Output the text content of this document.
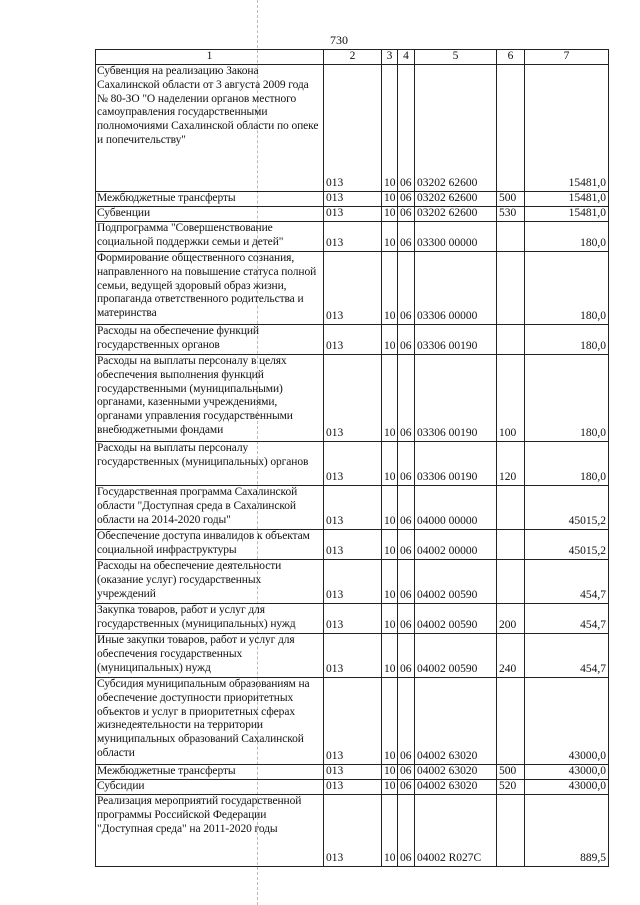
730
1	2	3	4	5	6	7
Субвенция на реализацию Закона Сахалинской области от 3 августа 2009 года № 80-ЗО "О наделении органов местного самоуправления государственными полномочиями Сахалинской области по опеке и попечительству"	013	10	06	03202 62600		15481,0
Межбюджетные трансферты	013	10	06	03202 62600	500	15481,0
Субвенции	013	10	06	03202 62600	530	15481,0
Подпрограмма "Совершенствование социальной поддержки семьи и детей"	013	10	06	03300 00000		180,0
Формирование общественного сознания, направленного на повышение статуса полной семьи, ведущей здоровый образ жизни, пропаганда ответственного родительства и материнства	013	10	06	03306 00000		180,0
Расходы на обеспечение функций государственных органов	013	10	06	03306 00190		180,0
Расходы на выплаты персоналу в целях обеспечения выполнения функций государственными (муниципальными) органами, казенными учреждениями, органами управления государственными внебюджетными фондами	013	10	06	03306 00190	100	180,0
Расходы на выплаты персоналу государственных (муниципальных) органов	013	10	06	03306 00190	120	180,0
Государственная программа Сахалинской области "Доступная среда в Сахалинской области на 2014-2020 годы"	013	10	06	04000 00000		45015,2
Обеспечение доступа инвалидов к объектам социальной инфраструктуры	013	10	06	04002 00000		45015,2
Расходы на обеспечение деятельности (оказание услуг) государственных учреждений	013	10	06	04002 00590		454,7
Закупка товаров, работ и услуг для государственных (муниципальных) нужд	013	10	06	04002 00590	200	454,7
Иные закупки товаров, работ и услуг для обеспечения государственных (муниципальных) нужд	013	10	06	04002 00590	240	454,7
Субсидия муниципальным образованиям на обеспечение доступности приоритетных объектов и услуг в приоритетных сферах жизнедеятельности на территории муниципальных образований Сахалинской области	013	10	06	04002 63020		43000,0
Межбюджетные трансферты	013	10	06	04002 63020	500	43000,0
Субсидии	013	10	06	04002 63020	520	43000,0
Реализация мероприятий государственной программы Российской Федерации "Доступная среда" на 2011-2020 годы	013	10	06	04002 R027С		889,5
